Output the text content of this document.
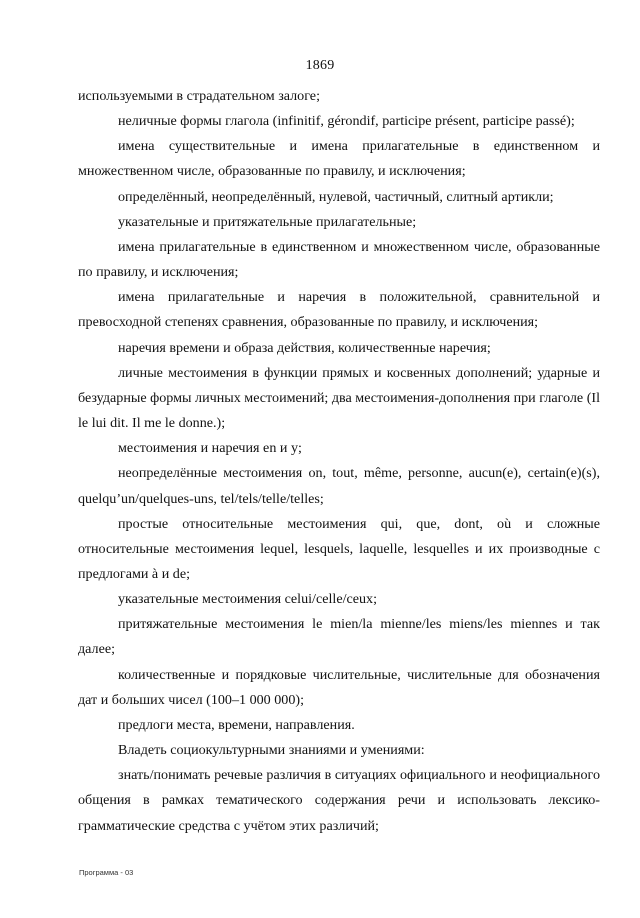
1869

используемыми в страдательном залоге;

неличные формы глагола (infinitif, gérondif, participe présent, participe passé);

имена существительные и имена прилагательные в единственном и множественном числе, образованные по правилу, и исключения;

определённый, неопределённый, нулевой, частичный, слитный артикли;

указательные и притяжательные прилагательные;

имена прилагательные в единственном и множественном числе, образованные по правилу, и исключения;

имена прилагательные и наречия в положительной, сравнительной и превосходной степенях сравнения, образованные по правилу, и исключения;

наречия времени и образа действия, количественные наречия;

личные местоимения в функции прямых и косвенных дополнений; ударные и безударные формы личных местоимений; два местоимения-дополнения при глаголе (Il le lui dit. Il me le donne.);

местоимения и наречия en и y;

неопределённые местоимения on, tout, même, personne, aucun(e), certain(e)(s), quelqu’un/quelques-uns, tel/tels/telle/telles;

простые относительные местоимения qui, que, dont, où и сложные относительные местоимения lequel, lesquels, laquelle, lesquelles и их производные с предлогами à и de;

указательные местоимения celui/celle/ceux;

притяжательные местоимения le mien/la mienne/les miens/les miennes и так далее;

количественные и порядковые числительные, числительные для обозначения дат и больших чисел (100–1 000 000);

предлоги места, времени, направления.

Владеть социокультурными знаниями и умениями:

знать/понимать речевые различия в ситуациях официального и неофициального общения в рамках тематического содержания речи и использовать лексико-грамматические средства с учётом этих различий;

Программа - 03
